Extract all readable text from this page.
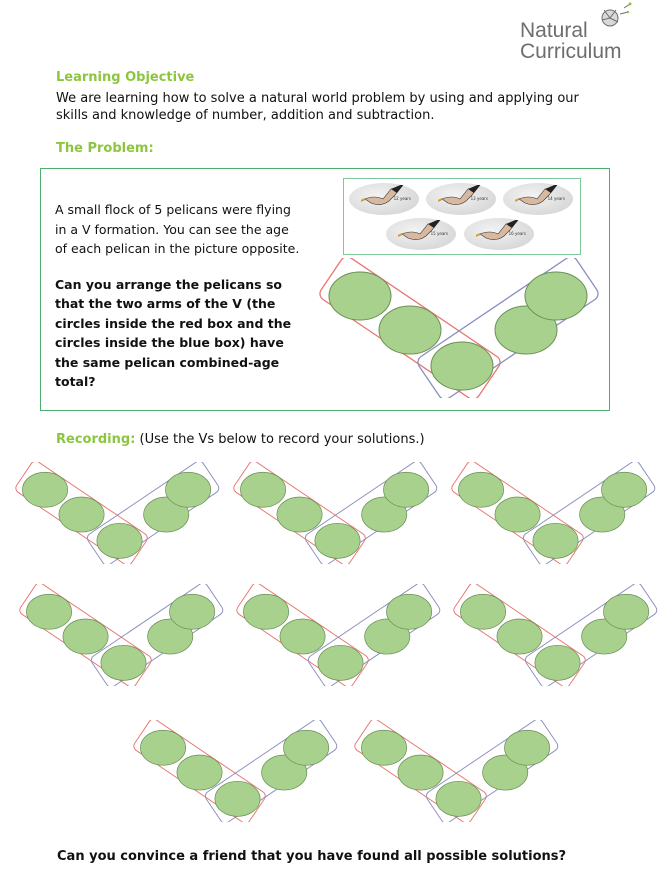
Natural
Curriculum
Learning Objective
We are learning how to solve a natural world problem by using and applying our skills and knowledge of number, addition and subtraction.
The Problem:
A small flock of 5 pelicans were flying in a V formation. You can see the age of each pelican in the picture opposite.
Can you arrange the pelicans so that the two arms of the V (the circles inside the red box and the circles inside the blue box) have the same pelican combined-age total?
12 years	13 years	14 years
15 years	16 years
Recording: (Use the Vs below to record your solutions.)
Can you convince a friend that you have found all possible solutions?
